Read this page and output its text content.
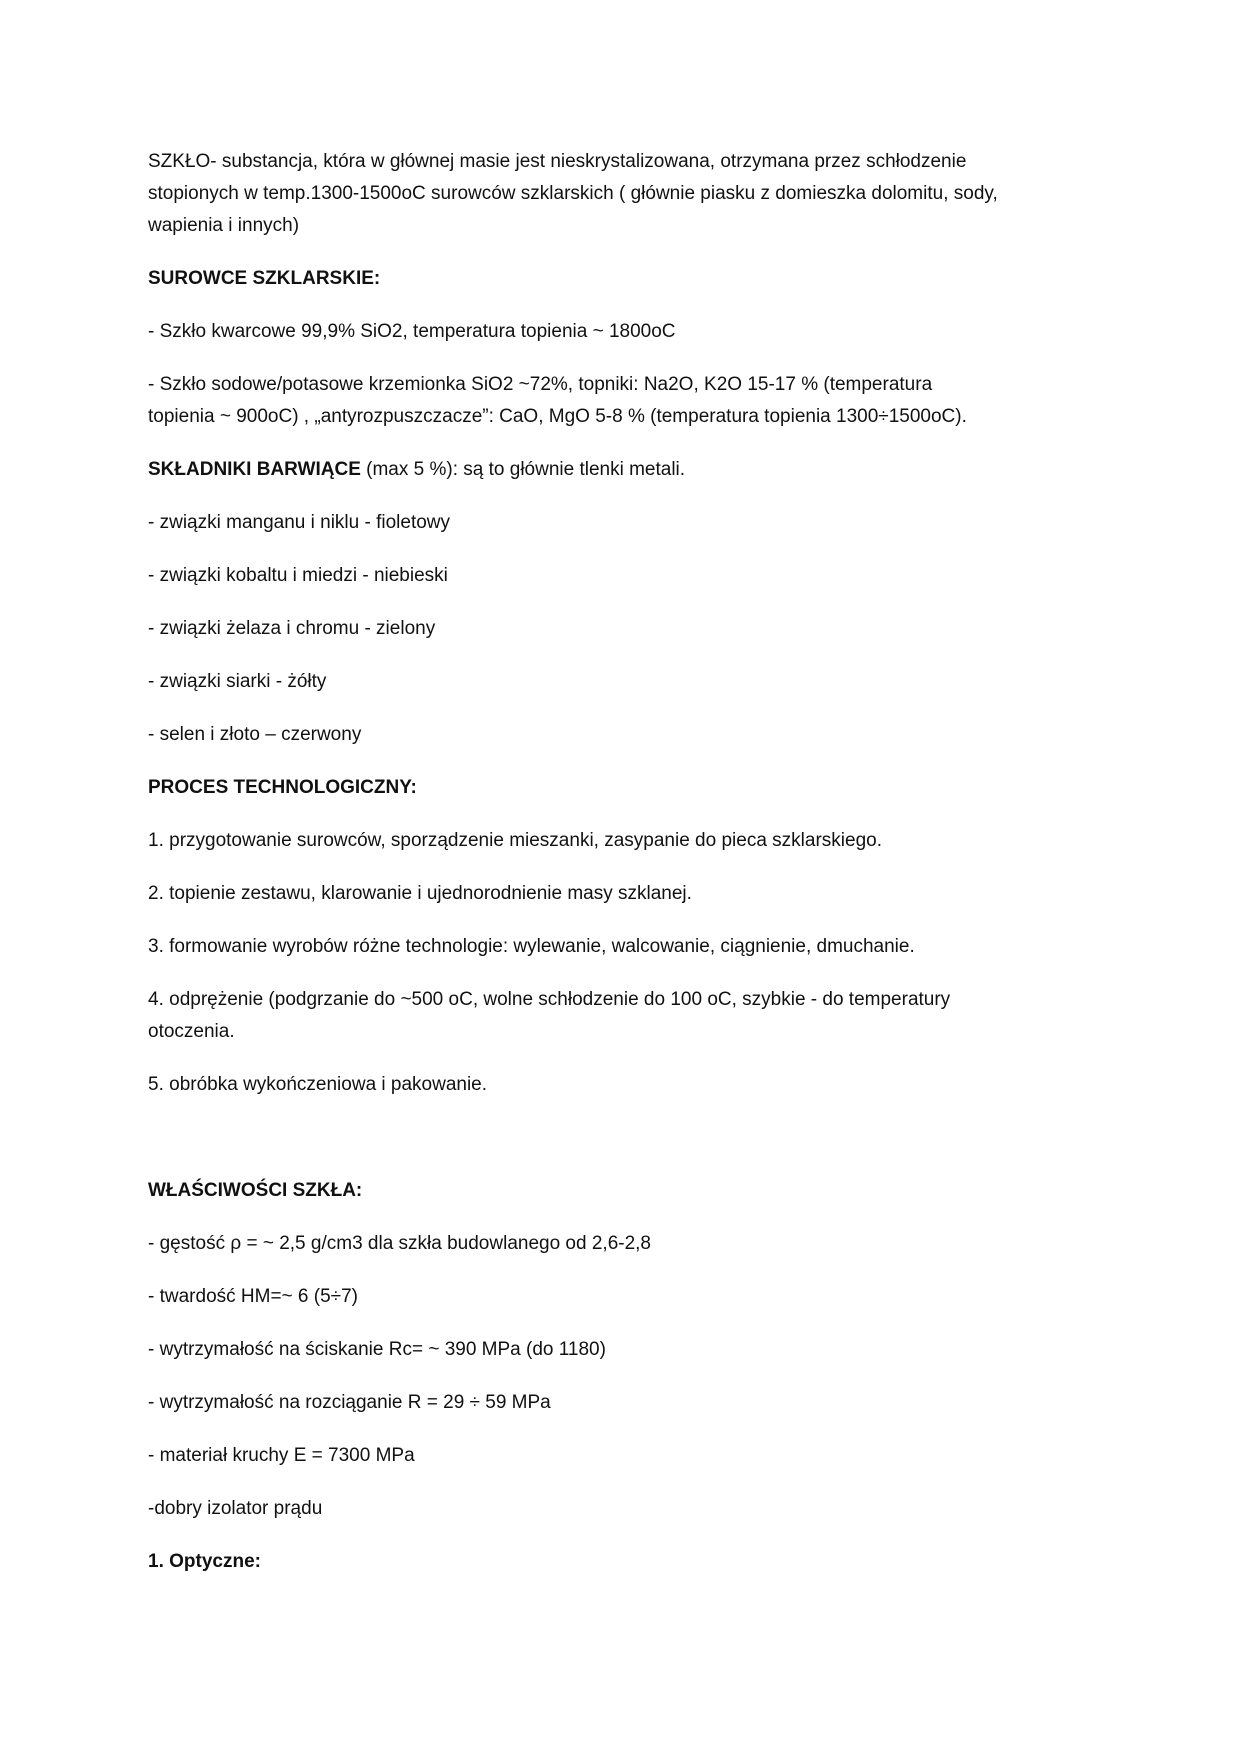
SZKŁO- substancja, która w głównej masie jest nieskrystalizowana, otrzymana przez schłodzenie
stopionych w temp.1300-1500oC surowców szklarskich ( głównie piasku z domieszka dolomitu, sody,
wapienia i innych)
SUROWCE SZKLARSKIE:
- Szkło kwarcowe 99,9% SiO2, temperatura topienia ~ 1800oC
- Szkło sodowe/potasowe krzemionka SiO2 ~72%, topniki: Na2O, K2O 15-17 % (temperatura
topienia ~ 900oC) , „antyrozpuszczacze”: CaO, MgO 5-8 % (temperatura topienia 1300÷1500oC).
SKŁADNIKI BARWIĄCE (max 5 %): są to głównie tlenki metali.
- związki manganu i niklu - fioletowy
- związki kobaltu i miedzi - niebieski
- związki żelaza i chromu - zielony
- związki siarki - żółty
- selen i złoto – czerwony
PROCES TECHNOLOGICZNY:
1. przygotowanie surowców, sporządzenie mieszanki, zasypanie do pieca szklarskiego.
2. topienie zestawu, klarowanie i ujednorodnienie masy szklanej.
3. formowanie wyrobów różne technologie: wylewanie, walcowanie, ciągnienie, dmuchanie.
4. odprężenie (podgrzanie do ~500 oC, wolne schłodzenie do 100 oC, szybkie - do temperatury
otoczenia.
5. obróbka wykończeniowa i pakowanie.
WŁAŚCIWOŚCI SZKŁA:
- gęstość ρ = ~ 2,5 g/cm3 dla szkła budowlanego od 2,6-2,8
- twardość HM=~ 6 (5÷7)
- wytrzymałość na ściskanie Rc= ~ 390 MPa (do 1180)
- wytrzymałość na rozciąganie R = 29 ÷ 59 MPa
- materiał kruchy E = 7300 MPa
-dobry izolator prądu
1. Optyczne:
